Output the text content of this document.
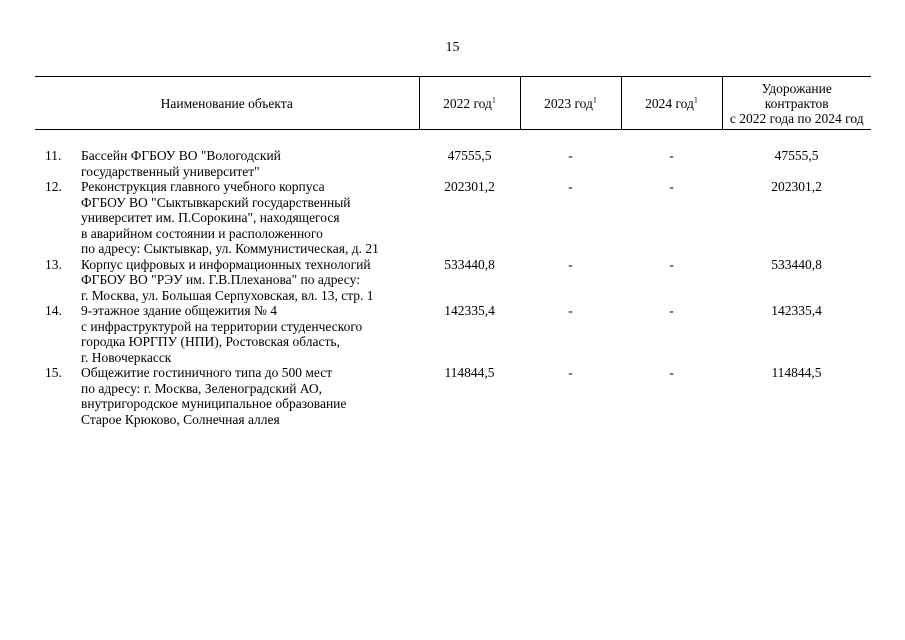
15
Наименование объекта		2022 год$^1$	2023 год$^1$	2024 год$^1$	Удорожание
контрактов
с 2022 года по 2024 год

11.	Бассейн ФГБОУ ВО "Вологодский
государственный университет"	47555,5	-	-	47555,5
12.	Реконструкция главного учебного корпуса
ФГБОУ ВО "Сыктывкарский государственный
университет им. П.Сорокина", находящегося
в аварийном состоянии и расположенного
по адресу: Сыктывкар, ул. Коммунистическая, д. 21	202301,2	-	-	202301,2
13.	Корпус цифровых и информационных технологий
ФГБОУ ВО "РЭУ им. Г.В.Плеханова" по адресу:
г. Москва, ул. Большая Серпуховская, вл. 13, стр. 1	533440,8	-	-	533440,8
14.	9-этажное здание общежития № 4
с инфраструктурой на территории студенческого
городка ЮРГПУ (НПИ), Ростовская область,
г. Новочеркасск	142335,4	-	-	142335,4
15.	Общежитие гостиничного типа до 500 мест
по адресу: г. Москва, Зеленоградский АО,
внутригородское муниципальное образование
Старое Крюково, Солнечная аллея	114844,5	-	-	114844,5
